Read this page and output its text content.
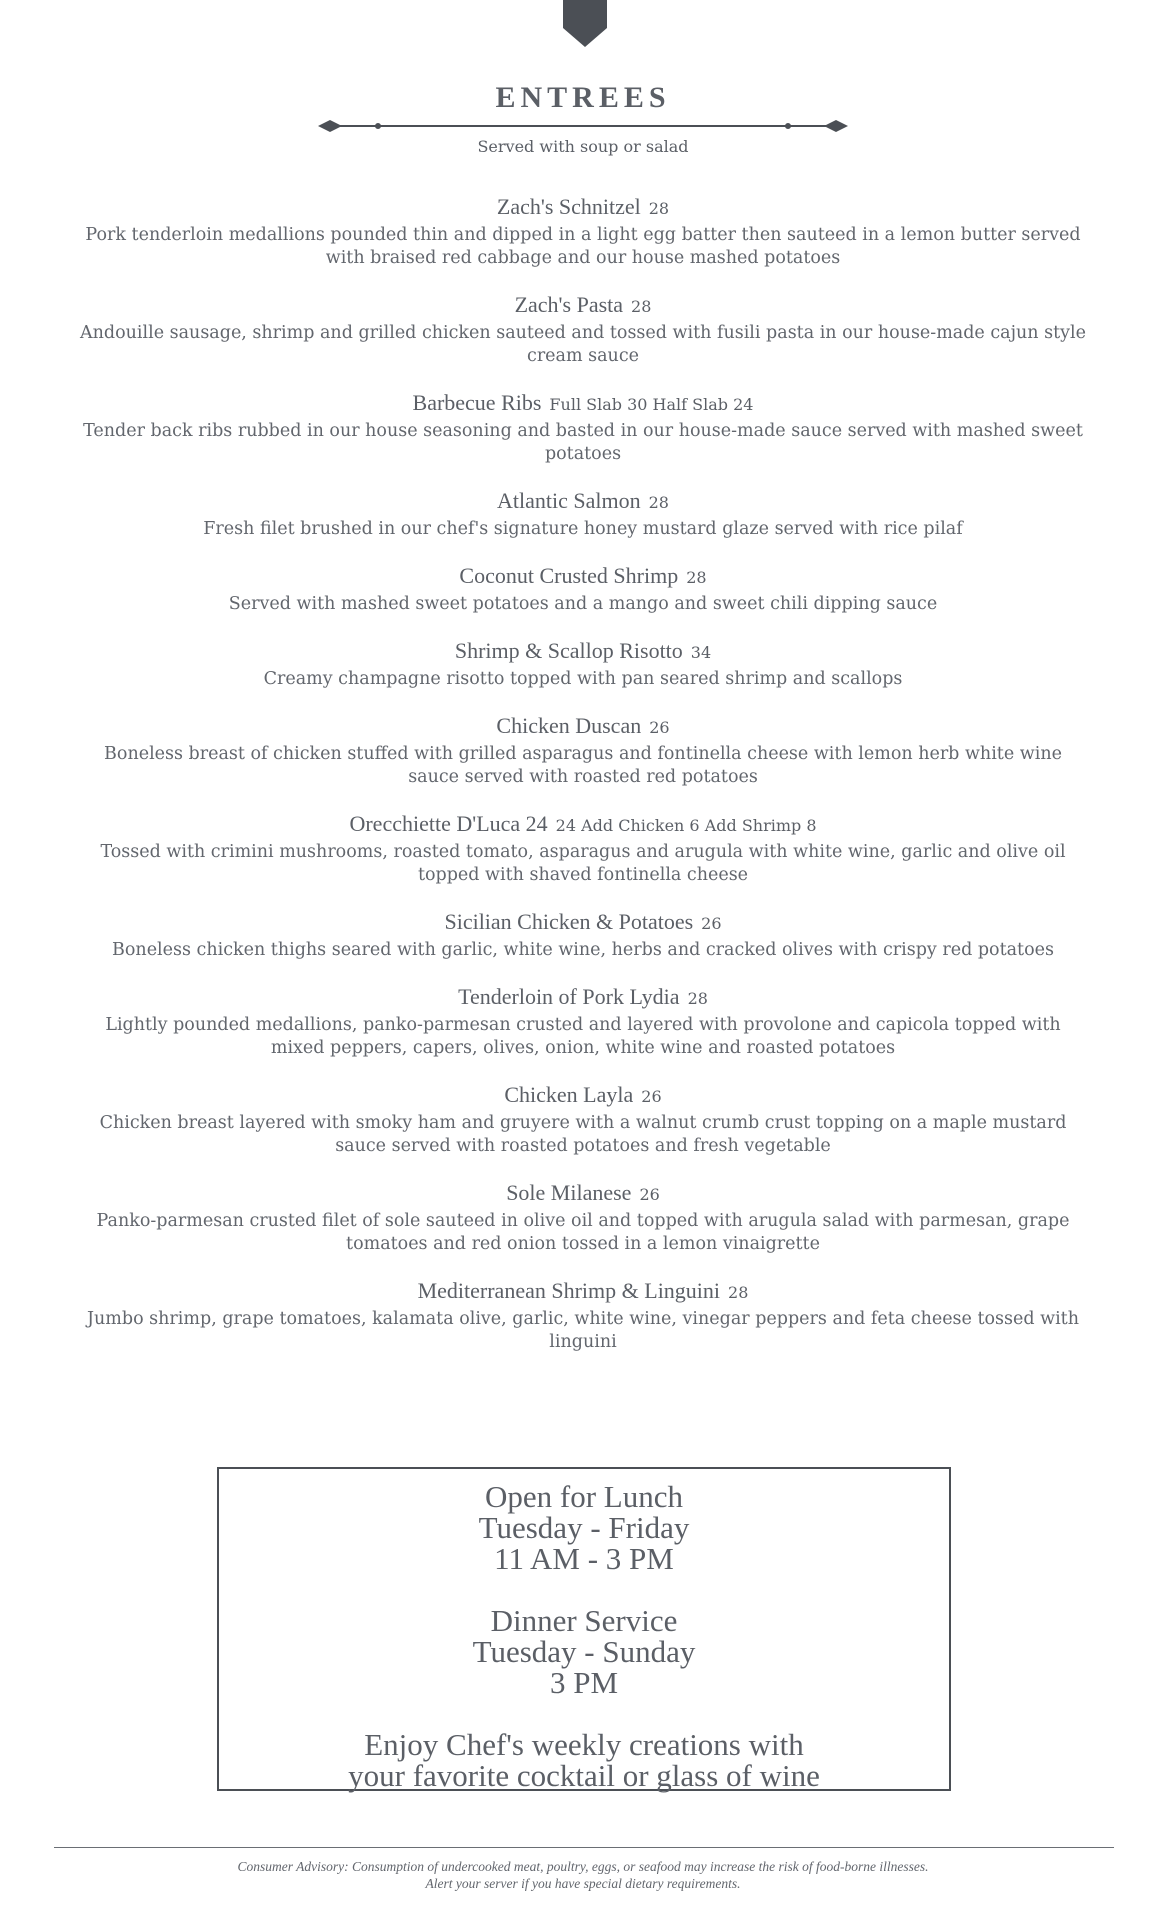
ENTREES
Served with soup or salad
Zach's Schnitzel 28
Pork tenderloin medallions pounded thin and dipped in a light egg batter then sauteed in a lemon butter served with braised red cabbage and our house mashed potatoes
Zach's Pasta 28
Andouille sausage, shrimp and grilled chicken sauteed and tossed with fusili pasta in our house-made cajun style cream sauce
Barbecue Ribs Full Slab 30 Half Slab 24
Tender back ribs rubbed in our house seasoning and basted in our house-made sauce served with mashed sweet potatoes
Atlantic Salmon 28
Fresh filet brushed in our chef's signature honey mustard glaze served with rice pilaf
Coconut Crusted Shrimp 28
Served with mashed sweet potatoes and a mango and sweet chili dipping sauce
Shrimp & Scallop Risotto 34
Creamy champagne risotto topped with pan seared shrimp and scallops
Chicken Duscan 26
Boneless breast of chicken stuffed with grilled asparagus and fontinella cheese with lemon herb white wine sauce served with roasted red potatoes
Orecchiette D'Luca 24 24 Add Chicken 6 Add Shrimp 8
Tossed with crimini mushrooms, roasted tomato, asparagus and arugula with white wine, garlic and olive oil topped with shaved fontinella cheese
Sicilian Chicken & Potatoes 26
Boneless chicken thighs seared with garlic, white wine, herbs and cracked olives with crispy red potatoes
Tenderloin of Pork Lydia 28
Lightly pounded medallions, panko-parmesan crusted and layered with provolone and capicola topped with mixed peppers, capers, olives, onion, white wine and roasted potatoes
Chicken Layla 26
Chicken breast layered with smoky ham and gruyere with a walnut crumb crust topping on a maple mustard sauce served with roasted potatoes and fresh vegetable
Sole Milanese 26
Panko-parmesan crusted filet of sole sauteed in olive oil and topped with arugula salad with parmesan, grape tomatoes and red onion tossed in a lemon vinaigrette
Mediterranean Shrimp & Linguini 28
Jumbo shrimp, grape tomatoes, kalamata olive, garlic, white wine, vinegar peppers and feta cheese tossed with linguini
Open for Lunch
Tuesday - Friday
11 AM - 3 PM
Dinner Service
Tuesday - Sunday
3 PM
Enjoy Chef's weekly creations with
your favorite cocktail or glass of wine
Consumer Advisory: Consumption of undercooked meat, poultry, eggs, or seafood may increase the risk of food-borne illnesses.
Alert your server if you have special dietary requirements.
